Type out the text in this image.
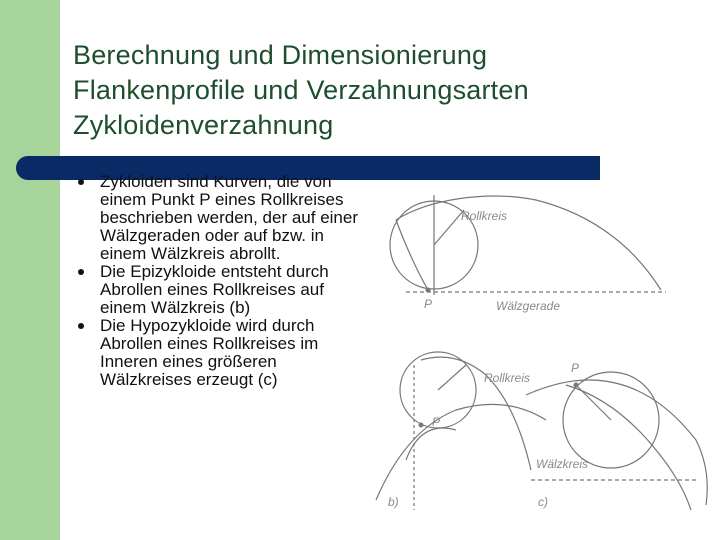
Berechnung und Dimensionierung
Flankenprofile und Verzahnungsarten
Zykloidenverzahnung
Zykloiden sind Kurven, die von einem Punkt P eines Rollkreises beschrieben werden, der auf einer Wälzgeraden oder auf bzw. in einem Wälzkreis abrollt.
Die Epizykloide entsteht durch Abrollen eines Rollkreises auf einem Wälzkreis (b)
Die Hypozykloide wird durch Abrollen eines Rollkreises im Inneren eines größeren Wälzkreises erzeugt (c)
Rollkreis
P	Wälzgerade
Rollkreis
P
P
Wälzkreis
b)	c)
